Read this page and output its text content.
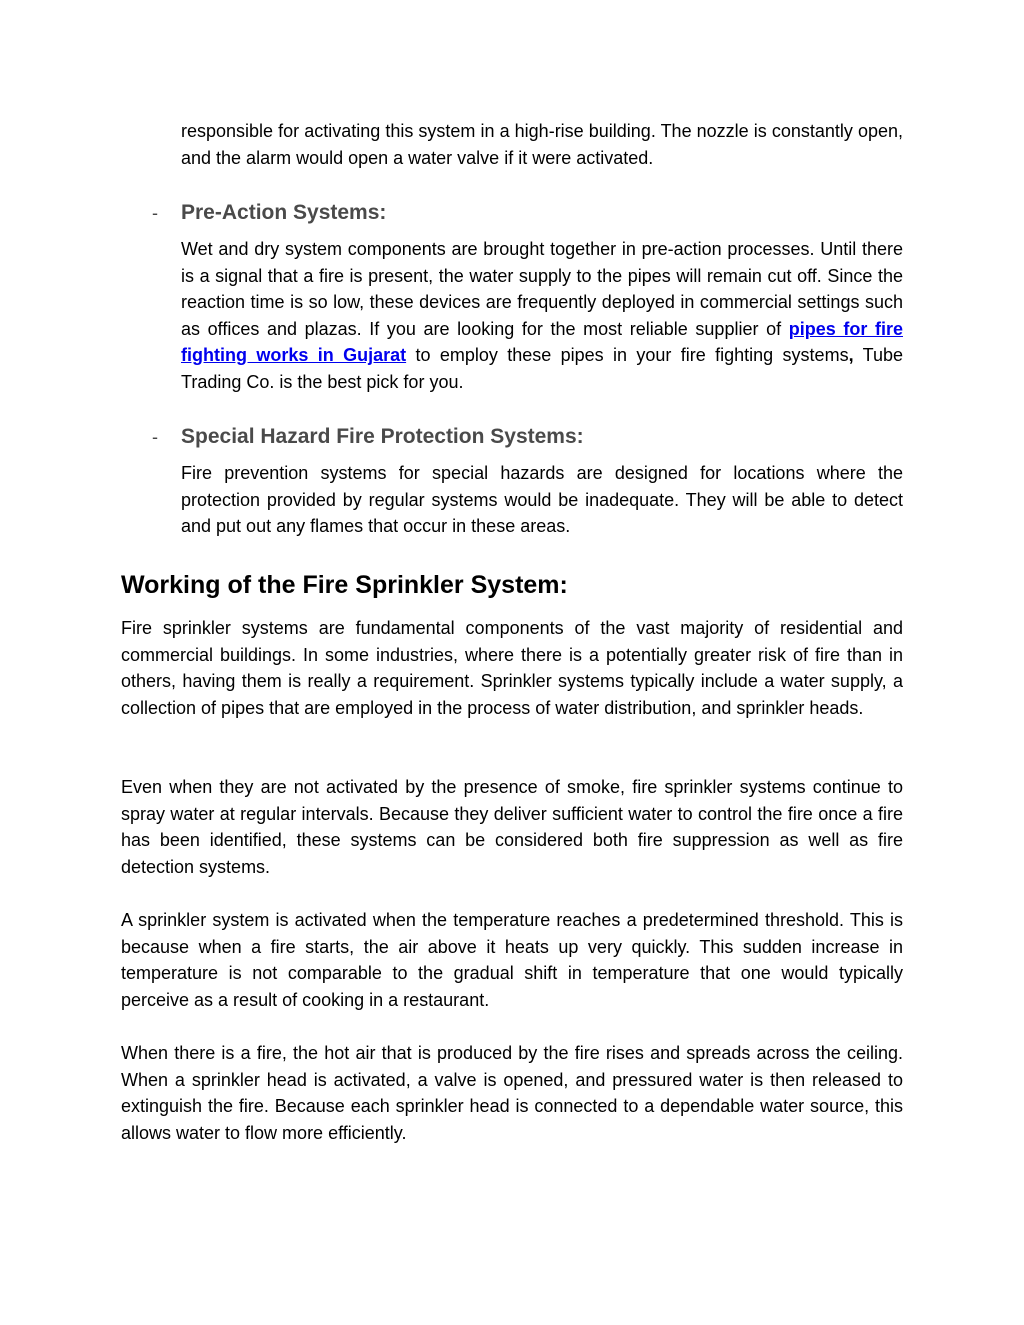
responsible for activating this system in a high-rise building. The nozzle is constantly open, and the alarm would open a water valve if it were activated.

- Pre-Action Systems:

Wet and dry system components are brought together in pre-action processes. Until there is a signal that a fire is present, the water supply to the pipes will remain cut off. Since the reaction time is so low, these devices are frequently deployed in commercial settings such as offices and plazas. If you are looking for the most reliable supplier of pipes for fire fighting works in Gujarat to employ these pipes in your fire fighting systems, Tube Trading Co. is the best pick for you.

- Special Hazard Fire Protection Systems:

Fire prevention systems for special hazards are designed for locations where the protection provided by regular systems would be inadequate. They will be able to detect and put out any flames that occur in these areas.

Working of the Fire Sprinkler System:

Fire sprinkler systems are fundamental components of the vast majority of residential and commercial buildings. In some industries, where there is a potentially greater risk of fire than in others, having them is really a requirement. Sprinkler systems typically include a water supply, a collection of pipes that are employed in the process of water distribution, and sprinkler heads.

Even when they are not activated by the presence of smoke, fire sprinkler systems continue to spray water at regular intervals. Because they deliver sufficient water to control the fire once a fire has been identified, these systems can be considered both fire suppression as well as fire detection systems.

A sprinkler system is activated when the temperature reaches a predetermined threshold. This is because when a fire starts, the air above it heats up very quickly. This sudden increase in temperature is not comparable to the gradual shift in temperature that one would typically perceive as a result of cooking in a restaurant.

When there is a fire, the hot air that is produced by the fire rises and spreads across the ceiling. When a sprinkler head is activated, a valve is opened, and pressured water is then released to extinguish the fire. Because each sprinkler head is connected to a dependable water source, this allows water to flow more efficiently.
